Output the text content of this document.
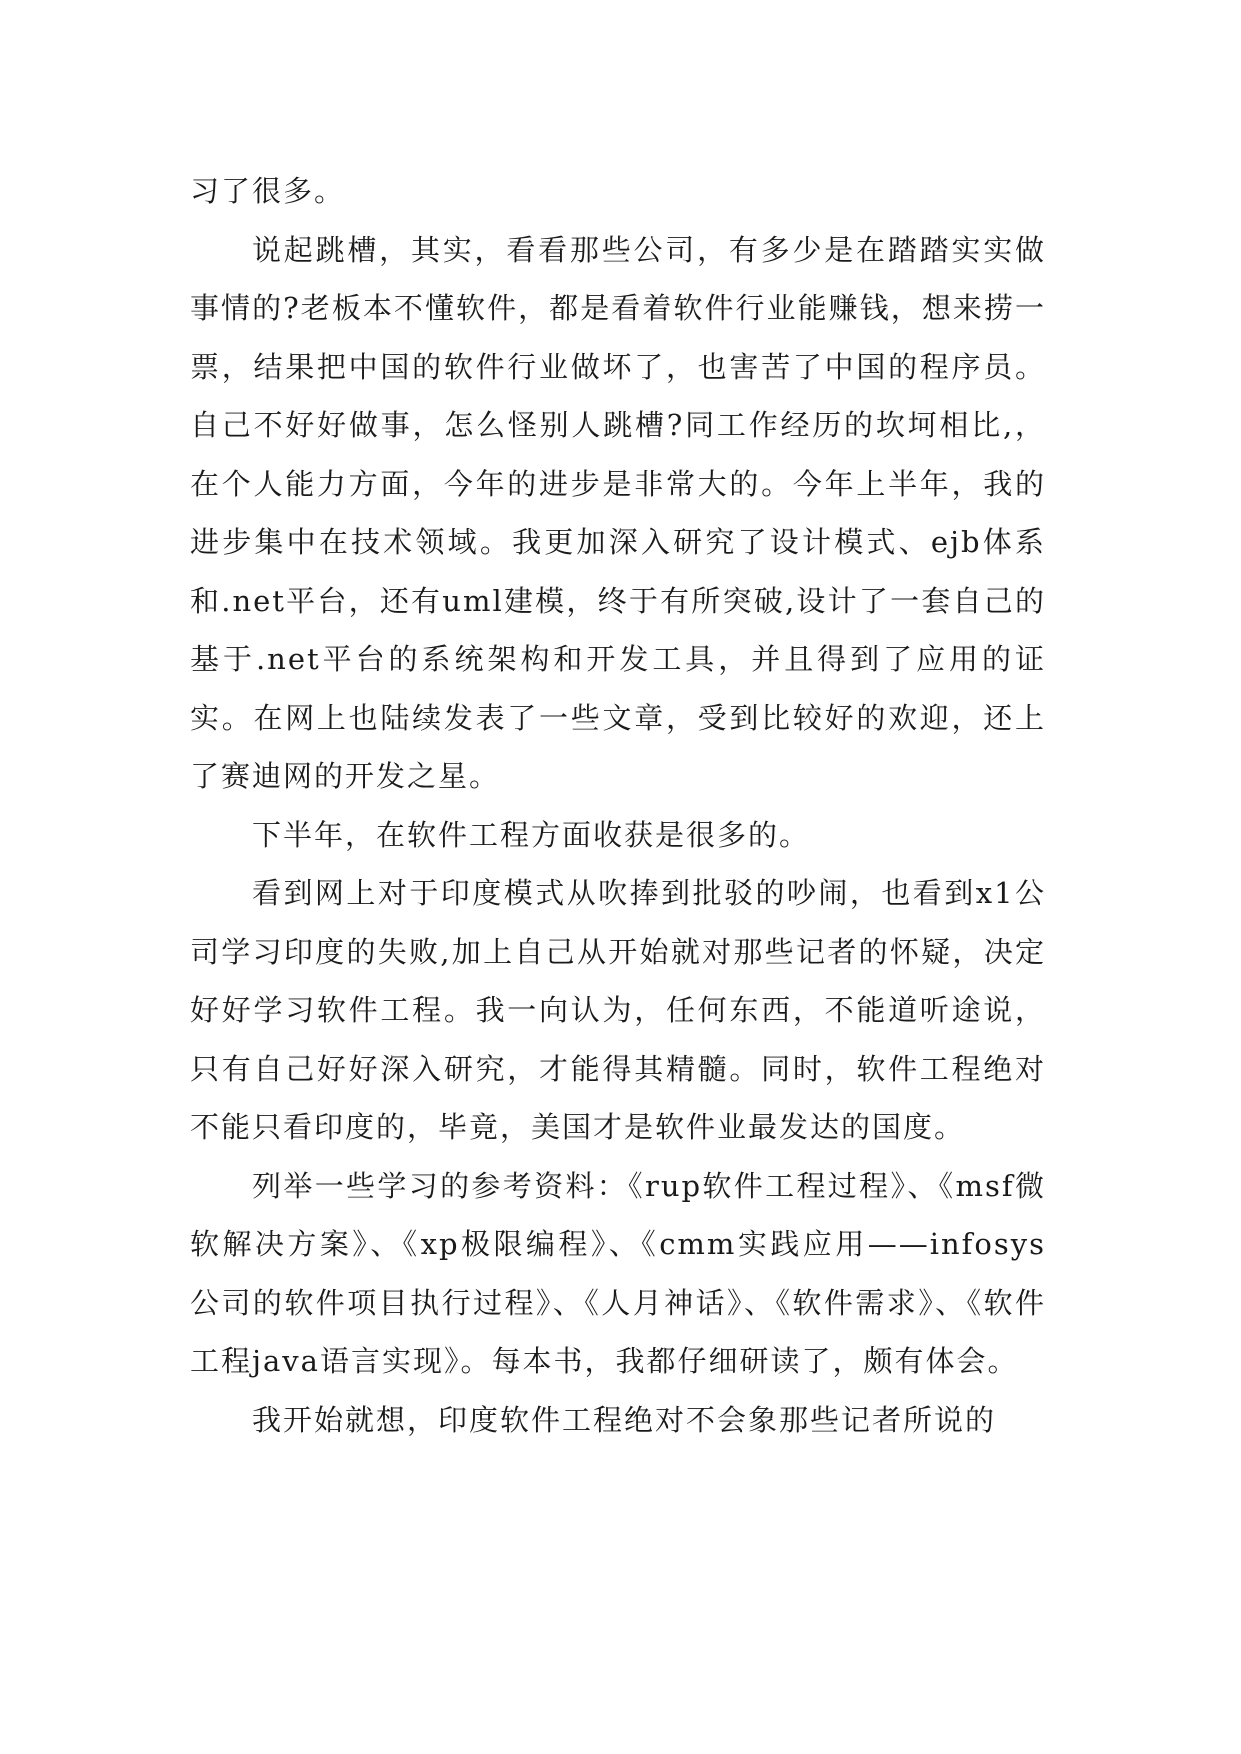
习了很多。

说起跳槽，其实，看看那些公司，有多少是在踏踏实实做事情的?老板本不懂软件，都是看着软件行业能赚钱，想来捞一票，结果把中国的软件行业做坏了，也害苦了中国的程序员。自己不好好做事，怎么怪别人跳槽?同工作经历的坎坷相比,，在个人能力方面，今年的进步是非常大的。今年上半年，我的进步集中在技术领域。我更加深入研究了设计模式、ejb体系和.net平台，还有uml建模，终于有所突破,设计了一套自己的基于.net平台的系统架构和开发工具，并且得到了应用的证实。在网上也陆续发表了一些文章，受到比较好的欢迎，还上了赛迪网的开发之星。

下半年，在软件工程方面收获是很多的。

看到网上对于印度模式从吹捧到批驳的吵闹，也看到x1公司学习印度的失败,加上自己从开始就对那些记者的怀疑，决定好好学习软件工程。我一向认为，任何东西，不能道听途说，只有自己好好深入研究，才能得其精髓。同时，软件工程绝对不能只看印度的，毕竟，美国才是软件业最发达的国度。

列举一些学习的参考资料：《rup软件工程过程》、《msf微软解决方案》、《xp极限编程》、《cmm实践应用——infosys公司的软件项目执行过程》、《人月神话》、《软件需求》、《软件工程java语言实现》。每本书，我都仔细研读了，颇有体会。

我开始就想，印度软件工程绝对不会象那些记者所说的
